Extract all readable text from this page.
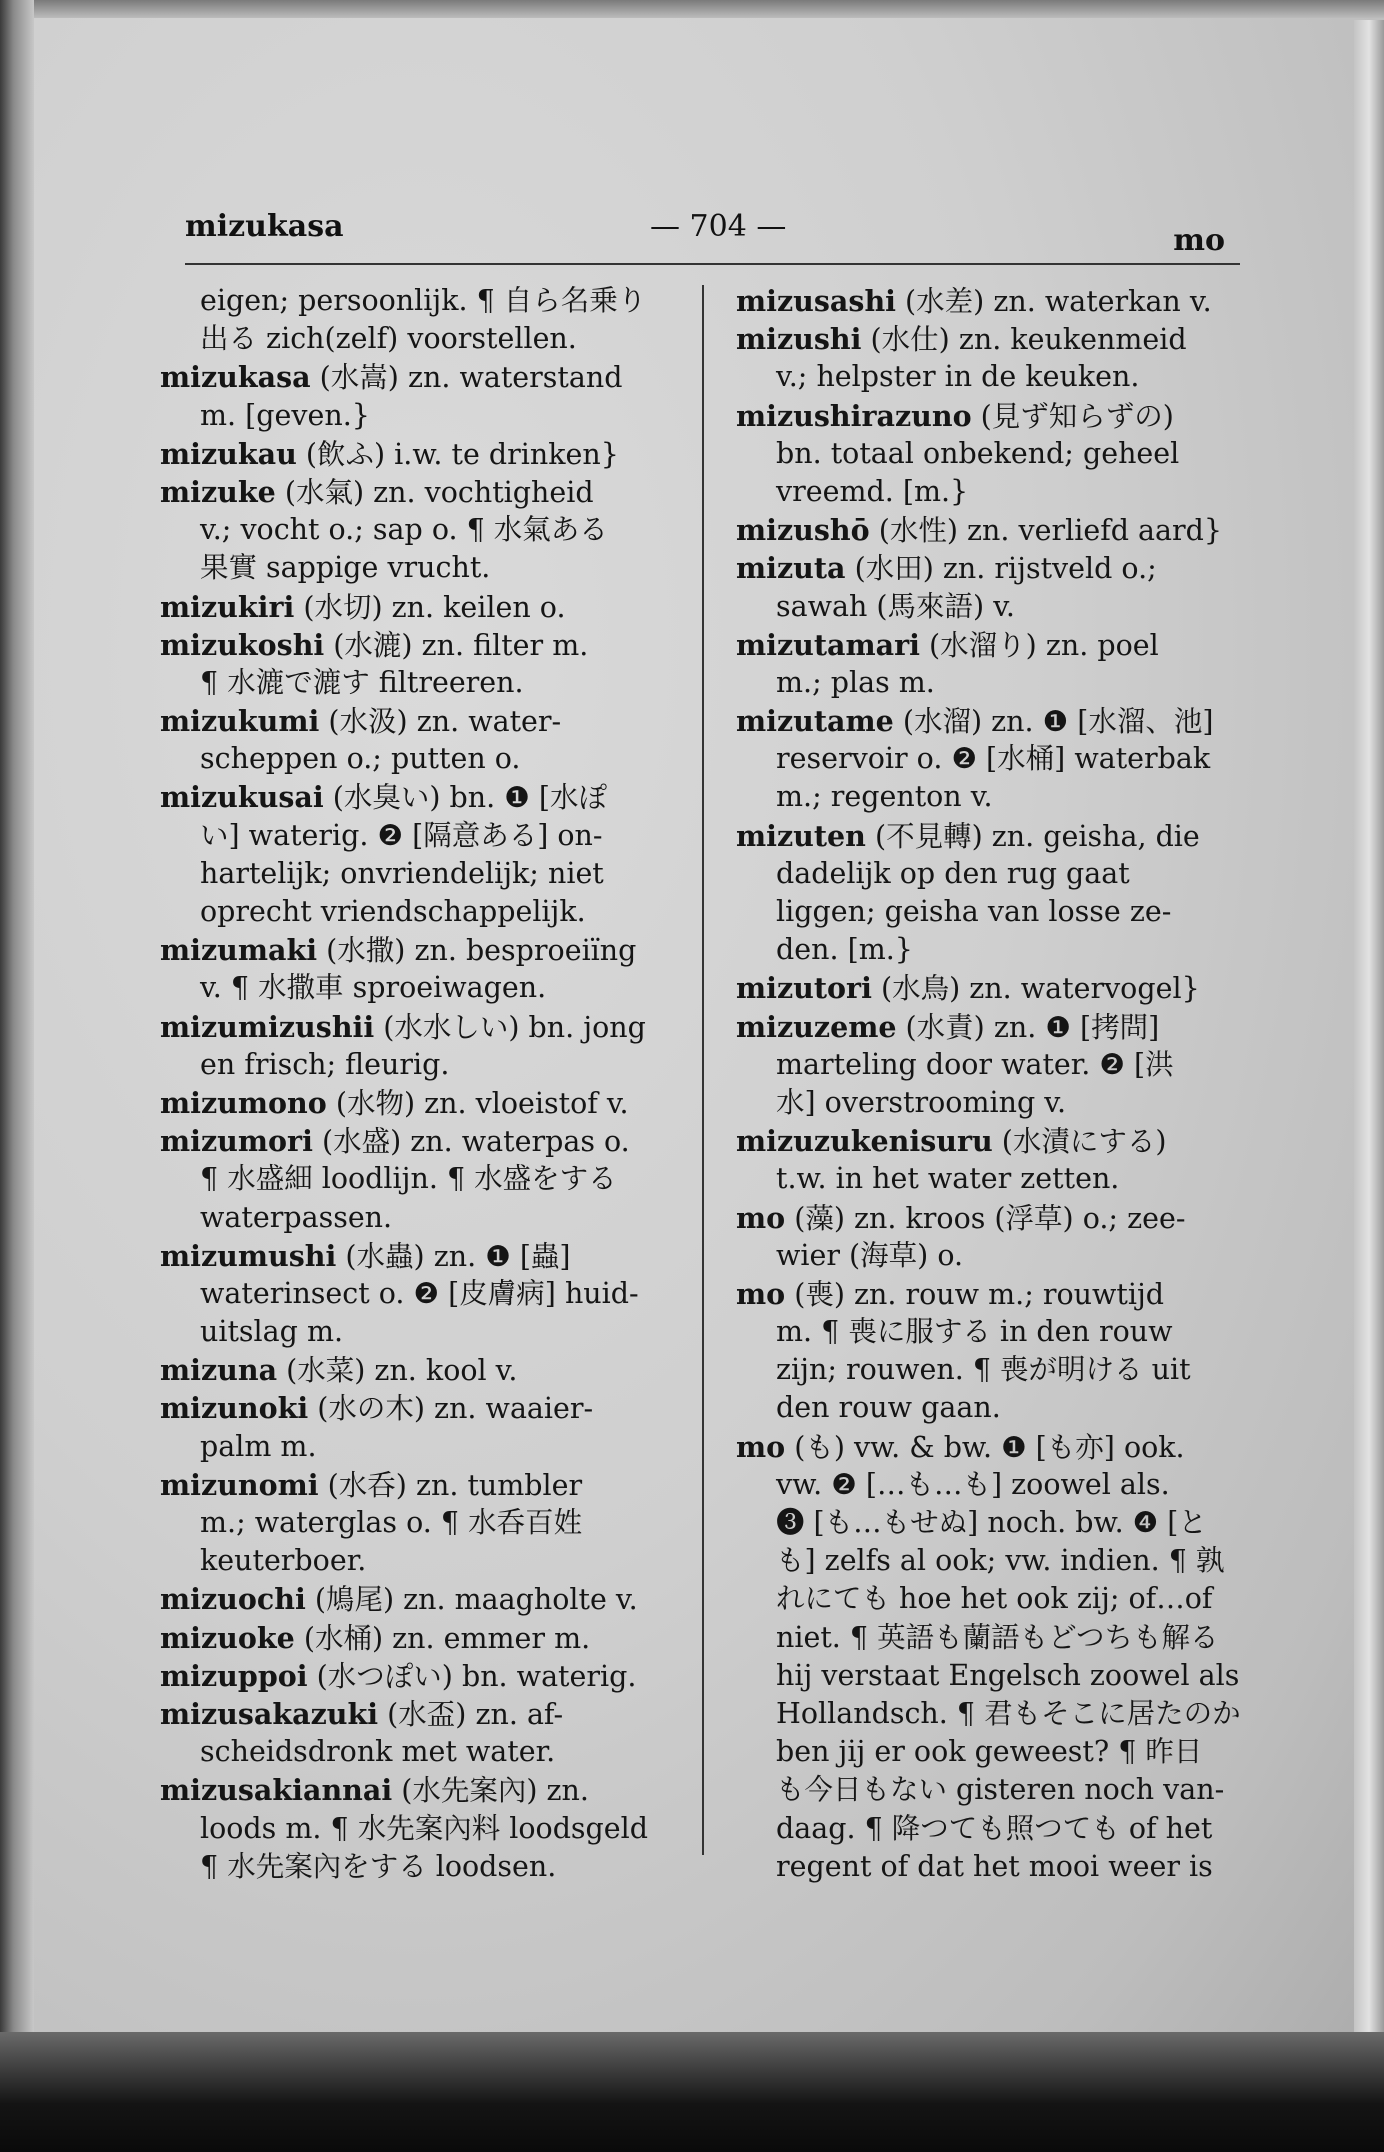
mizukasa	— 704 —	mo
eigen; persoonlijk. ¶ 自ら名乗り
出る zich(zelf) voorstellen.
mizukasa (水嵩) zn. waterstand
m. [geven.}
mizukau (飲ふ) i.w. te drinken}
mizuke (水氣) zn. vochtigheid
v.; vocht o.; sap o. ¶ 水氣ある
果實 sappige vrucht.
mizukiri (水切) zn. keilen o.
mizukoshi (水漉) zn. filter m.
¶ 水漉で漉す filtreeren.
mizukumi (水汲) zn. water-
scheppen o.; putten o.
mizukusai (水臭い) bn. ❶ [水ぽ
い] waterig. ❷ [隔意ある] on-
hartelijk; onvriendelijk; niet
oprecht vriendschappelijk.
mizumaki (水撒) zn. besproeiïng
v. ¶ 水撒車 sproeiwagen.
mizumizushii (水水しい) bn. jong
en frisch; fleurig.
mizumono (水物) zn. vloeistof v.
mizumori (水盛) zn. waterpas o.
¶ 水盛細 loodlijn. ¶ 水盛をする
waterpassen.
mizumushi (水蟲) zn. ❶ [蟲]
waterinsect o. ❷ [皮膚病] huid-
uitslag m.
mizuna (水菜) zn. kool v.
mizunoki (水の木) zn. waaier-
palm m.
mizunomi (水呑) zn. tumbler
m.; waterglas o. ¶ 水呑百姓
keuterboer.
mizuochi (鳩尾) zn. maagholte v.
mizuoke (水桶) zn. emmer m.
mizuppoi (水つぽい) bn. waterig.
mizusakazuki (水盃) zn. af-
scheidsdronk met water.
mizusakiannai (水先案內) zn.
loods m. ¶ 水先案內料 loodsgeld
¶ 水先案內をする loodsen.
mizusashi (水差) zn. waterkan v.
mizushi (水仕) zn. keukenmeid
v.; helpster in de keuken.
mizushirazuno (見ず知らずの)
bn. totaal onbekend; geheel
vreemd. [m.}
mizushō (水性) zn. verliefd aard}
mizuta (水田) zn. rijstveld o.;
sawah (馬來語) v.
mizutamari (水溜り) zn. poel
m.; plas m.
mizutame (水溜) zn. ❶ [水溜、池]
reservoir o. ❷ [水桶] waterbak
m.; regenton v.
mizuten (不見轉) zn. geisha, die
dadelijk op den rug gaat
liggen; geisha van losse ze-
den. [m.}
mizutori (水鳥) zn. watervogel}
mizuzeme (水責) zn. ❶ [拷問]
marteling door water. ❷ [洪
水] overstrooming v.
mizuzukenisuru (水漬にする)
t.w. in het water zetten.
mo (藻) zn. kroos (浮草) o.; zee-
wier (海草) o.
mo (喪) zn. rouw m.; rouwtijd
m. ¶ 喪に服する in den rouw
zijn; rouwen. ¶ 喪が明ける uit
den rouw gaan.
mo (も) vw. & bw. ❶ [も亦] ook.
vw. ❷ […も…も] zoowel als.
❸ [も…もせぬ] noch. bw. ❹ [と
も] zelfs al ook; vw. indien. ¶ 孰
れにても hoe het ook zij; of…of
niet. ¶ 英語も蘭語もどつちも解る
hij verstaat Engelsch zoowel als
Hollandsch. ¶ 君もそこに居たのか
ben jij er ook geweest? ¶ 昨日
も今日もない gisteren noch van-
daag. ¶ 降つても照つても of het
regent of dat het mooi weer is
